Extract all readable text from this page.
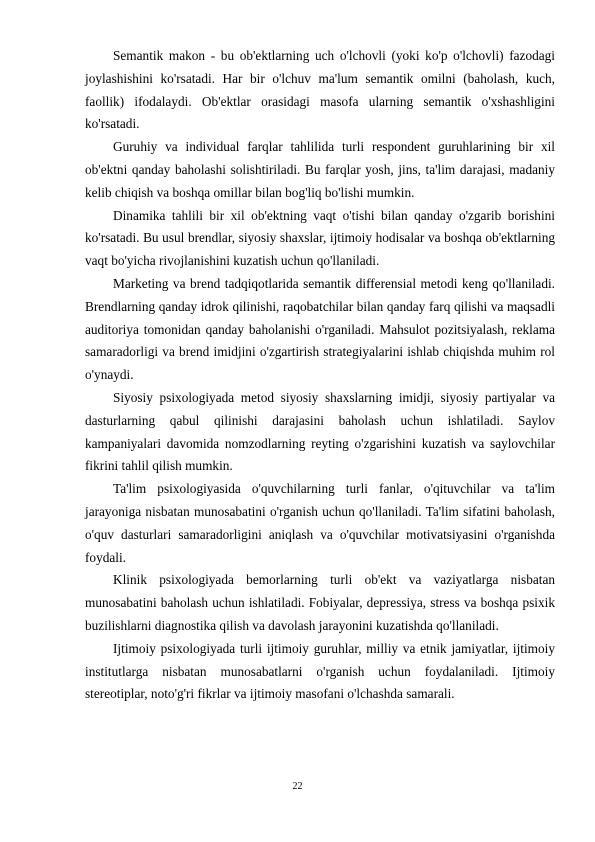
Semantik makon - bu ob'ektlarning uch o'lchovli (yoki ko'p o'lchovli) fazodagi joylashishini ko'rsatadi. Har bir o'lchuv ma'lum semantik omilni (baholash, kuch, faollik) ifodalaydi. Ob'ektlar orasidagi masofa ularning semantik o'xshashligini ko'rsatadi.

Guruhiy va individual farqlar tahlilida turli respondent guruhlarining bir xil ob'ektni qanday baholashi solishtiriladi. Bu farqlar yosh, jins, ta'lim darajasi, madaniy kelib chiqish va boshqa omillar bilan bog'liq bo'lishi mumkin.

Dinamika tahlili bir xil ob'ektning vaqt o'tishi bilan qanday o'zgarib borishini ko'rsatadi. Bu usul brendlar, siyosiy shaxslar, ijtimoiy hodisalar va boshqa ob'ektlarning vaqt bo'yicha rivojlanishini kuzatish uchun qo'llaniladi.

Marketing va brend tadqiqotlarida semantik differensial metodi keng qo'llaniladi. Brendlarning qanday idrok qilinishi, raqobatchilar bilan qanday farq qilishi va maqsadli auditoriya tomonidan qanday baholanishi o'rganiladi. Mahsulot pozitsiyalash, reklama samaradorligi va brend imidjini o'zgartirish strategiyalarini ishlab chiqishda muhim rol o'ynaydi.

Siyosiy psixologiyada metod siyosiy shaxslarning imidji, siyosiy partiyalar va dasturlarning qabul qilinishi darajasini baholash uchun ishlatiladi. Saylov kampaniyalari davomida nomzodlarning reyting o'zgarishini kuzatish va saylovchilar fikrini tahlil qilish mumkin.

Ta'lim psixologiyasida o'quvchilarning turli fanlar, o'qituvchilar va ta'lim jarayoniga nisbatan munosabatini o'rganish uchun qo'llaniladi. Ta'lim sifatini baholash, o'quv dasturlari samaradorligini aniqlash va o'quvchilar motivatsiyasini o'rganishda foydali.

Klinik psixologiyada bemorlarning turli ob'ekt va vaziyatlarga nisbatan munosabatini baholash uchun ishlatiladi. Fobiyalar, depressiya, stress va boshqa psixik buzilishlarni diagnostika qilish va davolash jarayonini kuzatishda qo'llaniladi.

Ijtimoiy psixologiyada turli ijtimoiy guruhlar, milliy va etnik jamiyatlar, ijtimoiy institutlarga nisbatan munosabatlarni o'rganish uchun foydalaniladi. Ijtimoiy stereotiplar, noto'g'ri fikrlar va ijtimoiy masofani o'lchashda samarali.

22
